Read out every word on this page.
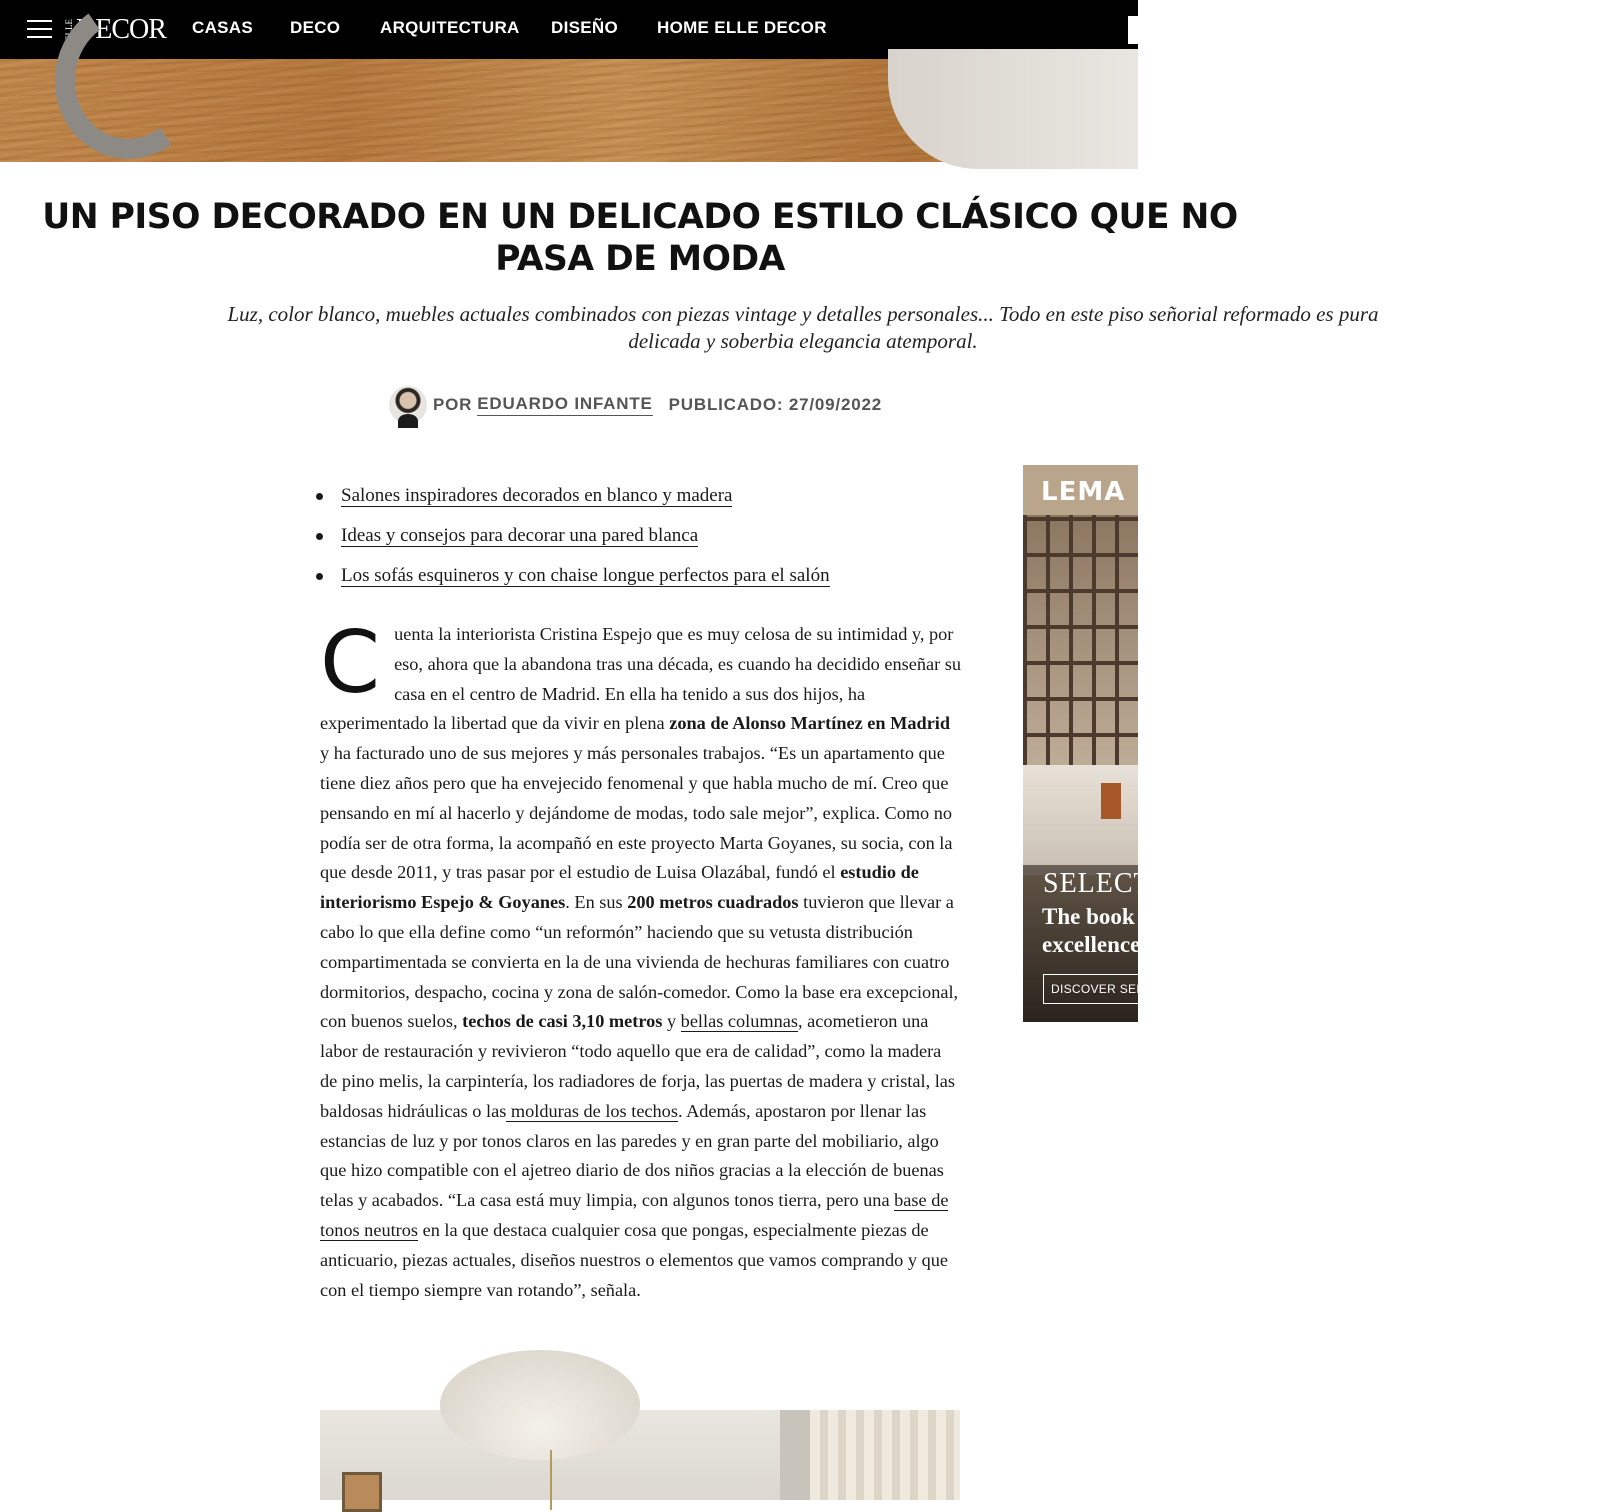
ELLE DECOR CASAS DECO ARQUITECTURA DISEÑO HOME ELLE DECOR
UN PISO DECORADO EN UN DELICADO ESTILO CLÁSICO QUE NO
PASA DE MODA

Luz, color blanco, muebles actuales combinados con piezas vintage y detalles personales... Todo en este piso señorial reformado es pura
delicada y soberbia elegancia atemporal.

POR EDUARDO INFANTE PUBLICADO: 27/09/2022
Salones inspiradores decorados en blanco y madera
Ideas y consejos para decorar una pared blanca
Los sofás esquineros y con chaise longue perfectos para el salón
Cuenta la interiorista Cristina Espejo que es muy celosa de su intimidad y, por eso, ahora que la abandona tras una década, es cuando ha decidido enseñar su casa en el centro de Madrid. En ella ha tenido a sus dos hijos, ha experimentado la libertad que da vivir en plena zona de Alonso Martínez en Madrid y ha facturado uno de sus mejores y más personales trabajos. “Es un apartamento que tiene diez años pero que ha envejecido fenomenal y que habla mucho de mí. Creo que pensando en mí al hacerlo y dejándome de modas, todo sale mejor”, explica. Como no podía ser de otra forma, la acompañó en este proyecto Marta Goyanes, su socia, con la que desde 2011, y tras pasar por el estudio de Luisa Olazábal, fundó el estudio de interiorismo Espejo & Goyanes. En sus 200 metros cuadrados tuvieron que llevar a cabo lo que ella define como “un reformón” haciendo que su vetusta distribución compartimentada se convierta en la de una vivienda de hechuras familiares con cuatro dormitorios, despacho, cocina y zona de salón-comedor. Como la base era excepcional, con buenos suelos, techos de casi 3,10 metros y bellas columnas, acometieron una labor de restauración y revivieron “todo aquello que era de calidad”, como la madera de pino melis, la carpintería, los radiadores de forja, las puertas de madera y cristal, las baldosas hidráulicas o las molduras de los techos. Además, apostaron por llenar las estancias de luz y por tonos claros en las paredes y en gran parte del mobiliario, algo que hizo compatible con el ajetreo diario de dos niños gracias a la elección de buenas telas y acabados. “La casa está muy limpia, con algunos tonos tierra, pero una base de tonos neutros en la que destaca cualquier cosa que pongas, especialmente piezas de anticuario, piezas actuales, diseños nuestros o elementos que vamos comprando y que con el tiempo siempre van rotando”, señala.
LEMA
SELECTION
The book of
excellence
DISCOVER SELECTION
